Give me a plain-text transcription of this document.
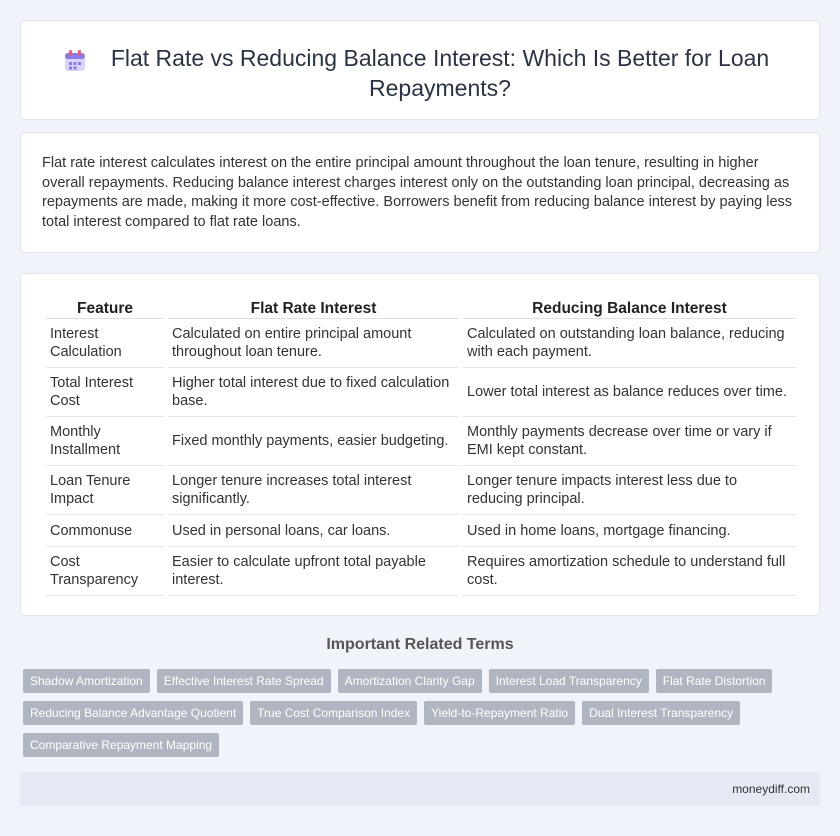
Flat Rate vs Reducing Balance Interest: Which Is Better for Loan Repayments?

Flat rate interest calculates interest on the entire principal amount throughout the loan tenure, resulting in higher overall repayments. Reducing balance interest charges interest only on the outstanding loan principal, decreasing as repayments are made, making it more cost-effective. Borrowers benefit from reducing balance interest by paying less total interest compared to flat rate loans.

Feature	Flat Rate Interest	Reducing Balance Interest
Interest Calculation	Calculated on entire principal amount throughout loan tenure.	Calculated on outstanding loan balance, reducing with each payment.
Total Interest Cost	Higher total interest due to fixed calculation base.	Lower total interest as balance reduces over time.
Monthly Installment	Fixed monthly payments, easier budgeting.	Monthly payments decrease over time or vary if EMI kept constant.
Loan Tenure Impact	Longer tenure increases total interest significantly.	Longer tenure impacts interest less due to reducing principal.
Commonuse	Used in personal loans, car loans.	Used in home loans, mortgage financing.
Cost Transparency	Easier to calculate upfront total payable interest.	Requires amortization schedule to understand full cost.
Important Related Terms
Shadow Amortization	Effective Interest Rate Spread	Amortization Clarity Gap	Interest Load Transparency	Flat Rate Distortion
Reducing Balance Advantage Quotient	True Cost Comparison Index	Yield-to-Repayment Ratio	Dual Interest Transparency
Comparative Repayment Mapping
moneydiff.com
